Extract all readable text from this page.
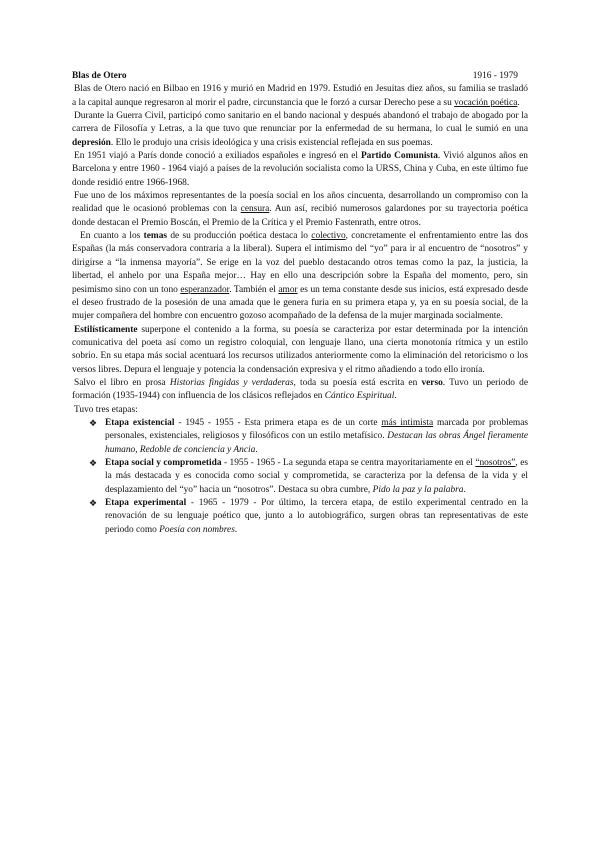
Blas de Otero	1916 - 1979

Blas de Otero nació en Bilbao en 1916 y murió en Madrid en 1979. Estudió en Jesuitas diez años, su familia se trasladó a la capital aunque regresaron al morir el padre, circunstancia que le forzó a cursar Derecho pese a su vocación poética.

Durante la Guerra Civil, participó como sanitario en el bando nacional y después abandonó el trabajo de abogado por la carrera de Filosofía y Letras, a la que tuvo que renunciar por la enfermedad de su hermana, lo cual le sumió en una depresión. Ello le produjo una crisis ideológica y una crisis existencial reflejada en sus poemas.

En 1951 viajó a París donde conoció a exiliados españoles e ingresó en el Partido Comunista. Vivió algunos años en Barcelona y entre 1960 - 1964 viajó a países de la revolución socialista como la URSS, China y Cuba, en este último fue donde residió entre 1966-1968.

Fue uno de los máximos representantes de la poesía social en los años cincuenta, desarrollando un compromiso con la realidad que le ocasionó problemas con la censura. Aun así, recibió numerosos galardones por su trayectoria poética donde destacan el Premio Boscán, el Premio de la Crítica y el Premio Fastenrath, entre otros.

En cuanto a los temas de su producción poética destaca lo colectivo, concretamente el enfrentamiento entre las dos Españas (la más conservadora contraria a la liberal). Supera el intimismo del “yo” para ir al encuentro de “nosotros” y dirigirse a “la inmensa mayoría”. Se erige en la voz del pueblo destacando otros temas como la paz, la justicia, la libertad, el anhelo por una España mejor… Hay en ello una descripción sobre la España del momento, pero, sin pesimismo sino con un tono esperanzador. También el amor es un tema constante desde sus inicios, está expresado desde el deseo frustrado de la posesión de una amada que le genera furia en su primera etapa y, ya en su poesía social, de la mujer compañera del hombre con encuentro gozoso acompañado de la defensa de la mujer marginada socialmente.

Estilísticamente superpone el contenido a la forma, su poesía se caracteriza por estar determinada por la intención comunicativa del poeta así como un registro coloquial, con lenguaje llano, una cierta monotonía rítmica y un estilo sobrio. En su etapa más social acentuará los recursos utilizados anteriormente como la eliminación del retoricismo o los versos libres. Depura el lenguaje y potencia la condensación expresiva y el ritmo añadiendo a todo ello ironía.

Salvo el libro en prosa Historias fingidas y verdaderas, toda su poesía está escrita en verso. Tuvo un periodo de formación (1935-1944) con influencia de los clásicos reflejados en Cántico Espiritual.

Tuvo tres etapas:

❖ Etapa existencial - 1945 - 1955 - Esta primera etapa es de un corte más intimista marcada por problemas personales, existenciales, religiosos y filosóficos con un estilo metafísico. Destacan las obras Ángel fieramente humano, Redoble de conciencia y Ancia.
❖ Etapa social y comprometida - 1955 - 1965 - La segunda etapa se centra mayoritariamente en el “nosotros”, es la más destacada y es conocida como social y comprometida, se caracteriza por la defensa de la vida y el desplazamiento del “yo” hacia un “nosotros”. Destaca su obra cumbre, Pido la paz y la palabra.
❖ Etapa experimental - 1965 - 1979 - Por último, la tercera etapa, de estilo experimental centrado en la renovación de su lenguaje poético que, junto a lo autobiográfico, surgen obras tan representativas de este periodo como Poesía con nombres.
